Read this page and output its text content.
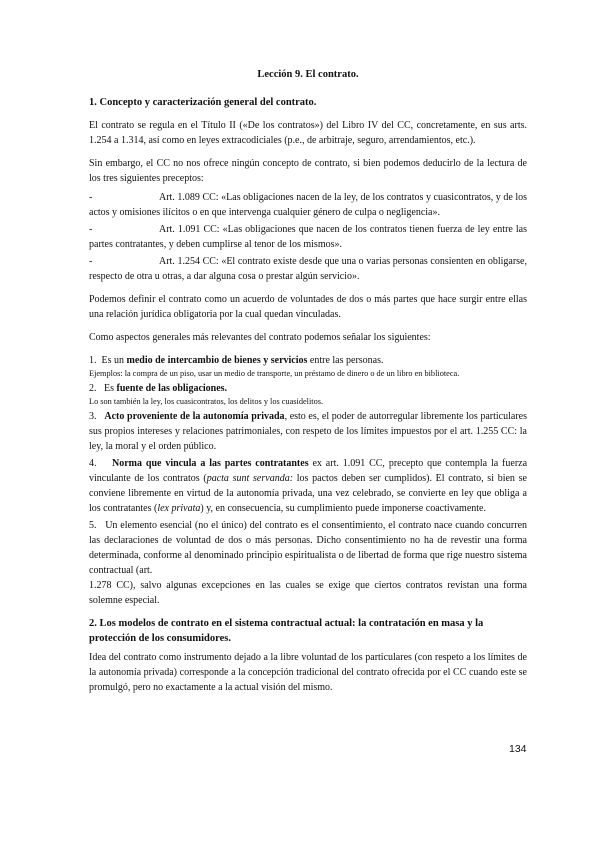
Lección 9. El contrato.

1. Concepto y caracterización general del contrato.

El contrato se regula en el Título II («De los contratos») del Libro IV del CC, concretamente, en sus arts. 1.254 a 1.314, así como en leyes extracodiciales (p.e., de arbitraje, seguro, arrendamientos, etc.).

Sin embargo, el CC no nos ofrece ningún concepto de contrato, si bien podemos deducirlo de la lectura de los tres siguientes preceptos:

-	Art. 1.089 CC: «Las obligaciones nacen de la ley, de los contratos y cuasicontratos, y de los actos y omisiones ilícitos o en que intervenga cualquier género de culpa o negligencia».

-	Art. 1.091 CC: «Las obligaciones que nacen de los contratos tienen fuerza de ley entre las partes contratantes, y deben cumplirse al tenor de los mismos».

-	Art. 1.254 CC: «El contrato existe desde que una o varias personas consienten en obligarse, respecto de otra u otras, a dar alguna cosa o prestar algún servicio».

Podemos definir el contrato como un acuerdo de voluntades de dos o más partes que hace surgir entre ellas una relación jurídica obligatoria por la cual quedan vinculadas.

Como aspectos generales más relevantes del contrato podemos señalar los siguientes:

1. Es un medio de intercambio de bienes y servicios entre las personas.

Ejemplos: la compra de un piso, usar un medio de transporte, un préstamo de dinero o de un libro en biblioteca.

2. Es fuente de las obligaciones.

Lo son también la ley, los cuasicontratos, los delitos y los cuasidelitos.

3. Acto proveniente de la autonomía privada, esto es, el poder de autorregular libremente los particulares sus propios intereses y relaciones patrimoniales, con respeto de los límites impuestos por el art. 1.255 CC: la ley, la moral y el orden público.

4. Norma que vincula a las partes contratantes ex art. 1.091 CC, precepto que contempla la fuerza vinculante de los contratos (pacta sunt servanda: los pactos deben ser cumplidos). El contrato, si bien se conviene libremente en virtud de la autonomía privada, una vez celebrado, se convierte en ley que obliga a los contratantes (lex privata) y, en consecuencia, su cumplimiento puede imponerse coactivamente.

5. Un elemento esencial (no el único) del contrato es el consentimiento, el contrato nace cuando concurren las declaraciones de voluntad de dos o más personas. Dicho consentimiento no ha de revestir una forma determinada, conforme al denominado principio espiritualista o de libertad de forma que rige nuestro sistema contractual (art.

1.278 CC), salvo algunas excepciones en las cuales se exige que ciertos contratos revistan una forma solemne especial.

2. Los modelos de contrato en el sistema contractual actual: la contratación en masa y la protección de los consumidores.

Idea del contrato como instrumento dejado a la libre voluntad de los particulares (con respeto a los límites de la autonomía privada) corresponde a la concepción tradicional del contrato ofrecida por el CC cuando este se promulgó, pero no exactamente a la actual visión del mismo.

134
